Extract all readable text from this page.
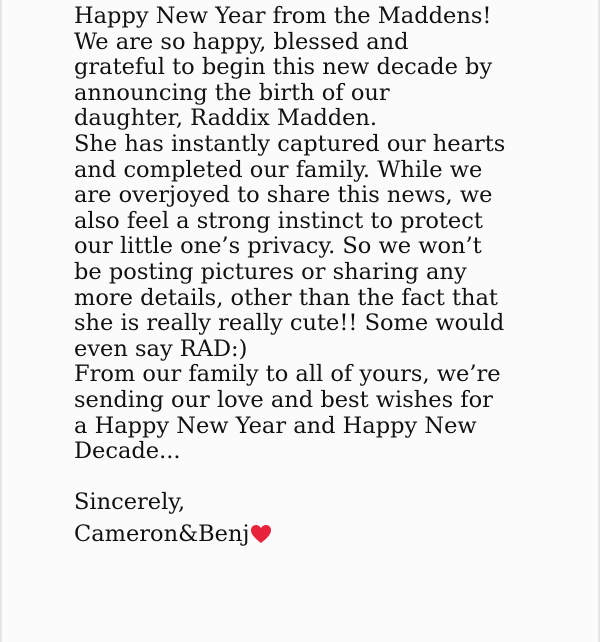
Happy New Year from the Maddens!
We are so happy, blessed and
grateful to begin this new decade by
announcing the birth of our
daughter, Raddix Madden.
She has instantly captured our hearts
and completed our family. While we
are overjoyed to share this news, we
also feel a strong instinct to protect
our little one’s privacy. So we won’t
be posting pictures or sharing any
more details, other than the fact that
she is really really cute!! Some would
even say RAD:)
From our family to all of yours, we’re
sending our love and best wishes for
a Happy New Year and Happy New
Decade...
Sincerely,
Cameron&Benj
